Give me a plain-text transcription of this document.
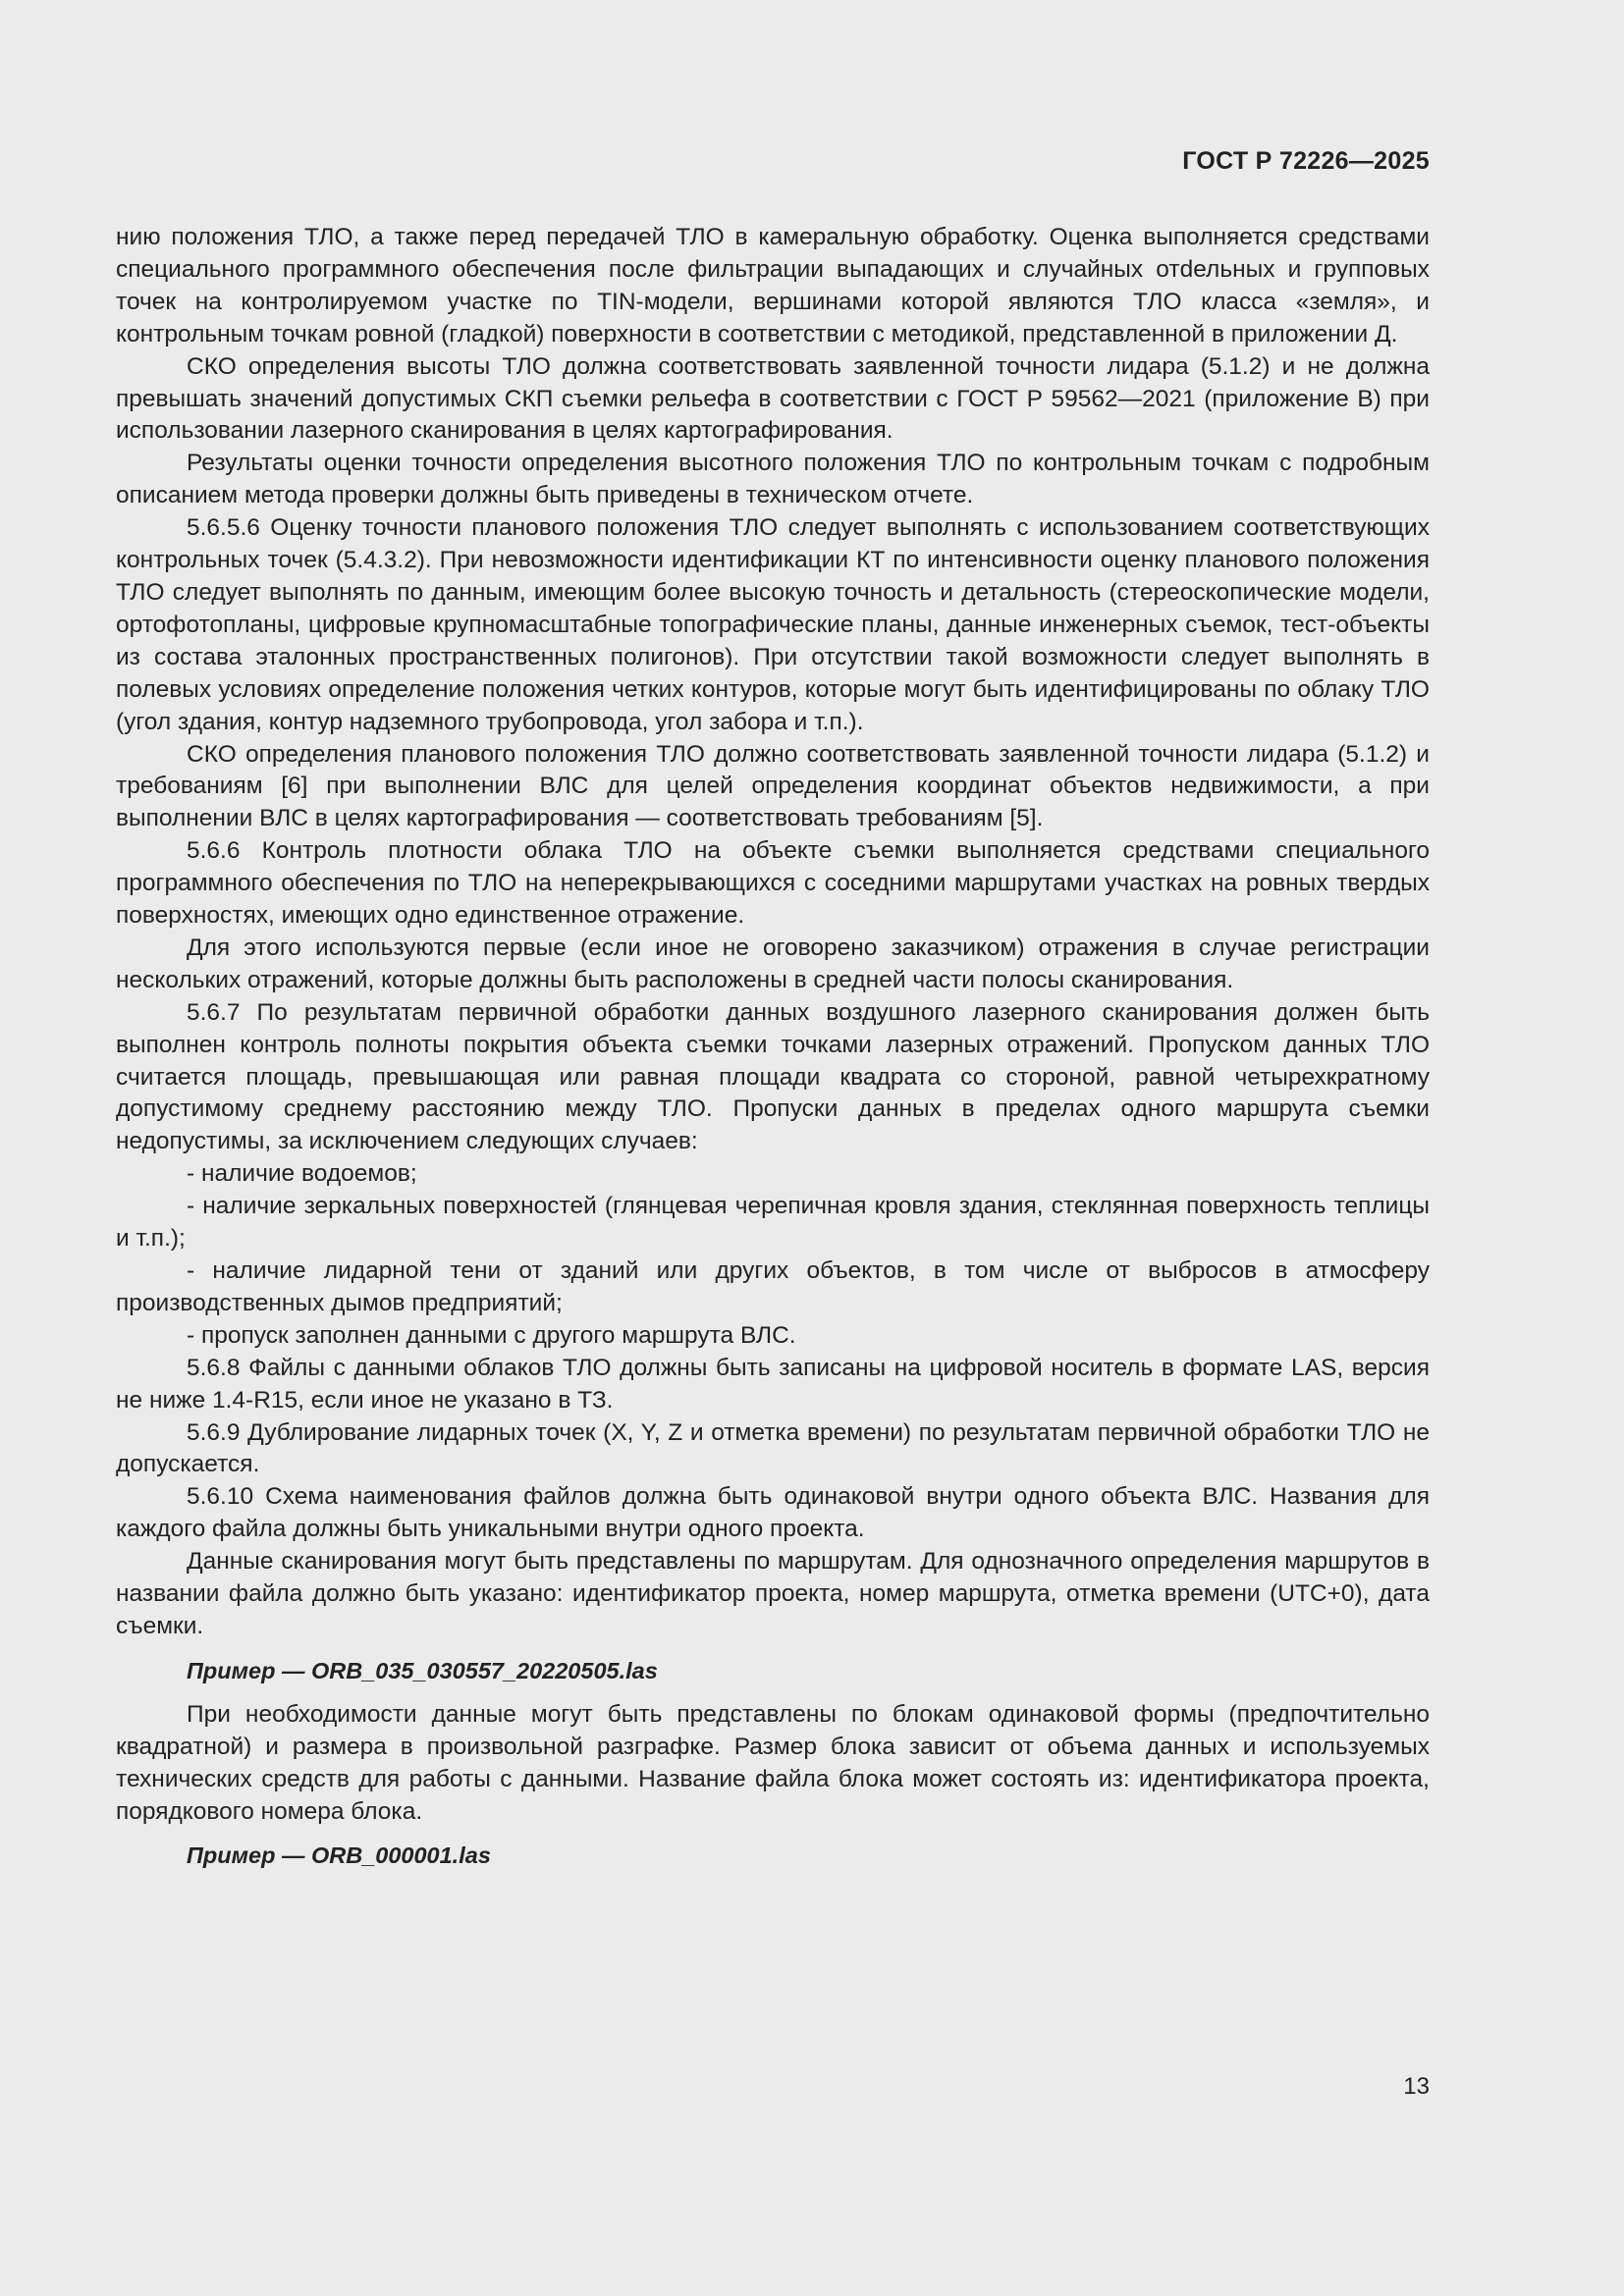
ГОСТ Р 72226—2025

нию положения ТЛО, а также перед передачей ТЛО в камеральную обработку. Оценка выполняется средствами специального программного обеспечения после фильтрации выпадающих и случайных отdельных и групповых точек на контролируемом участке по TIN-модели, вершинами которой являются ТЛО класса «земля», и контрольным точкам ровной (гладкой) поверхности в соответствии с методикой, представленной в приложении Д.

СКО определения высоты ТЛО должна соответствовать заявленной точности лидара (5.1.2) и не должна превышать значений допустимых СКП съемки рельефа в соответствии с ГОСТ Р 59562—2021 (приложение В) при использовании лазерного сканирования в целях картографирования.

Результаты оценки точности определения высотного положения ТЛО по контрольным точкам с подробным описанием метода проверки должны быть приведены в техническом отчете.

5.6.5.6 Оценку точности планового положения ТЛО следует выполнять с использованием соответствующих контрольных точек (5.4.3.2). При невозможности идентификации КТ по интенсивности оценку планового положения ТЛО следует выполнять по данным, имеющим более высокую точность и детальность (стереоскопические модели, ортофотопланы, цифровые крупномасштабные топографические планы, данные инженерных съемок, тест-объекты из состава эталонных пространственных полигонов). При отсутствии такой возможности следует выполнять в полевых условиях определение положения четких контуров, которые могут быть идентифицированы по облаку ТЛО (угол здания, контур надземного трубопровода, угол забора и т.п.).

СКО определения планового положения ТЛО должно соответствовать заявленной точности лидара (5.1.2) и требованиям [6] при выполнении ВЛС для целей определения координат объектов недвижимости, а при выполнении ВЛС в целях картографирования — соответствовать требованиям [5].

5.6.6 Контроль плотности облака ТЛО на объекте съемки выполняется средствами специального программного обеспечения по ТЛО на неперекрывающихся с соседними маршрутами участках на ровных твердых поверхностях, имеющих одно единственное отражение.

Для этого используются первые (если иное не оговорено заказчиком) отражения в случае регистрации нескольких отражений, которые должны быть расположены в средней части полосы сканирования.

5.6.7 По результатам первичной обработки данных воздушного лазерного сканирования должен быть выполнен контроль полноты покрытия объекта съемки точками лазерных отражений. Пропуском данных ТЛО считается площадь, превышающая или равная площади квадрата со стороной, равной четырехкратному допустимому среднему расстоянию между ТЛО. Пропуски данных в пределах одного маршрута съемки недопустимы, за исключением следующих случаев:

- наличие водоемов;

- наличие зеркальных поверхностей (глянцевая черепичная кровля здания, стеклянная поверхность теплицы и т.п.);

- наличие лидарной тени от зданий или других объектов, в том числе от выбросов в атмосферу производственных дымов предприятий;

- пропуск заполнен данными с другого маршрута ВЛС.

5.6.8 Файлы с данными облаков ТЛО должны быть записаны на цифровой носитель в формате LAS, версия не ниже 1.4-R15, если иное не указано в ТЗ.

5.6.9 Дублирование лидарных точек (X, Y, Z и отметка времени) по результатам первичной обработки ТЛО не допускается.

5.6.10 Схема наименования файлов должна быть одинаковой внутри одного объекта ВЛС. Названия для каждого файла должны быть уникальными внутри одного проекта.

Данные сканирования могут быть представлены по маршрутам. Для однозначного определения маршрутов в названии файла должно быть указано: идентификатор проекта, номер маршрута, отметка времени (UTC+0), дата съемки.

Пример — ORB_035_030557_20220505.las

При необходимости данные могут быть представлены по блокам одинаковой формы (предпочтительно квадратной) и размера в произвольной разграфке. Размер блока зависит от объема данных и используемых технических средств для работы с данными. Название файла блока может состоять из: идентификатора проекта, порядкового номера блока.

Пример — ORB_000001.las

13
